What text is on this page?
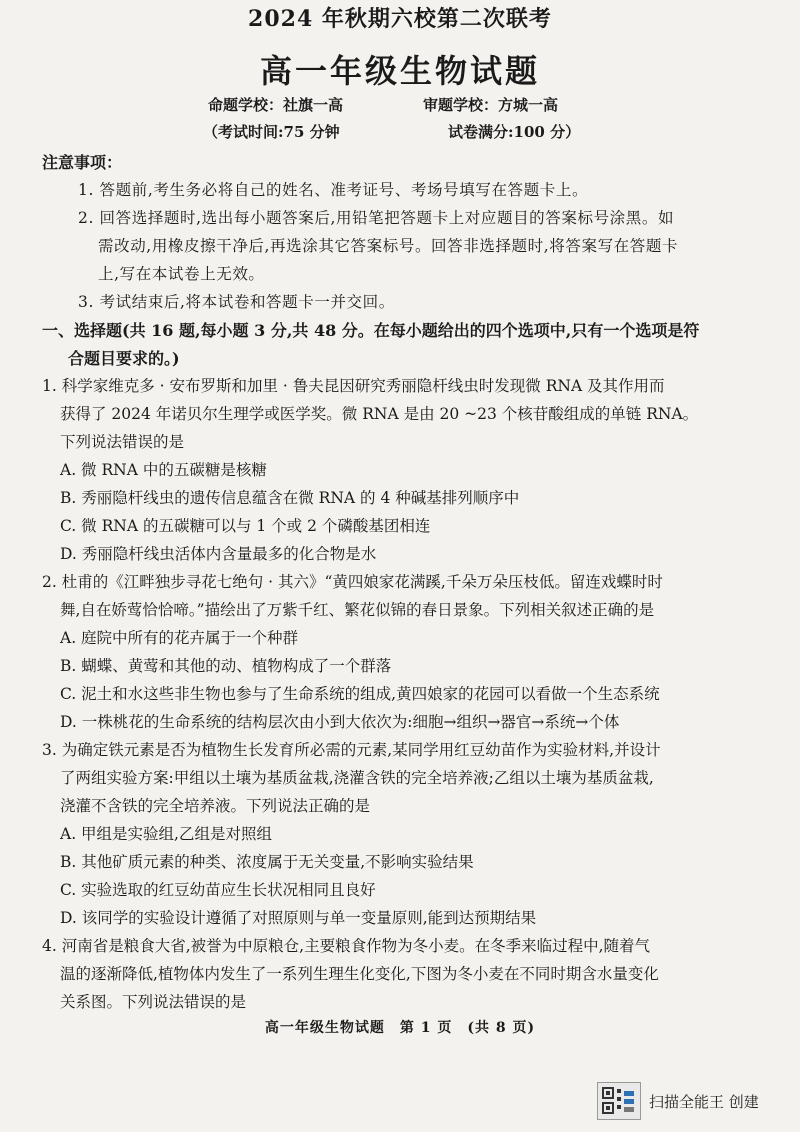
2024 年秋期六校第二次联考
高一年级生物试题
命题学校：社旗一高	审题学校：方城一高
（考试时间:75 分钟	试卷满分:100 分）
注意事项：
1. 答题前,考生务必将自己的姓名、准考证号、考场号填写在答题卡上。
2. 回答选择题时,选出每小题答案后,用铅笔把答题卡上对应题目的答案标号涂黑。如
需改动,用橡皮擦干净后,再选涂其它答案标号。回答非选择题时,将答案写在答题卡
上,写在本试卷上无效。
3. 考试结束后,将本试卷和答题卡一并交回。
一、选择题(共 16 题,每小题 3 分,共 48 分。在每小题给出的四个选项中,只有一个选项是符
合题目要求的。)
1. 科学家维克多 · 安布罗斯和加里 · 鲁夫昆因研究秀丽隐杆线虫时发现微 RNA 及其作用而
获得了 2024 年诺贝尔生理学或医学奖。微 RNA 是由 20 ~23 个核苷酸组成的单链 RNA。
下列说法错误的是
A. 微 RNA 中的五碳糖是核糖
B. 秀丽隐杆线虫的遗传信息蕴含在微 RNA 的 4 种碱基排列顺序中
C. 微 RNA 的五碳糖可以与 1 个或 2 个磷酸基团相连
D. 秀丽隐杆线虫活体内含量最多的化合物是水
2. 杜甫的《江畔独步寻花七绝句 · 其六》“黄四娘家花满蹊,千朵万朵压枝低。留连戏蝶时时
舞,自在娇莺恰恰啼。”描绘出了万紫千红、繁花似锦的春日景象。下列相关叙述正确的是
A. 庭院中所有的花卉属于一个种群
B. 蝴蝶、黄莺和其他的动、植物构成了一个群落
C. 泥土和水这些非生物也参与了生命系统的组成,黄四娘家的花园可以看做一个生态系统
D. 一株桃花的生命系统的结构层次由小到大依次为:细胞→组织→器官→系统→个体
3. 为确定铁元素是否为植物生长发育所必需的元素,某同学用红豆幼苗作为实验材料,并设计
了两组实验方案:甲组以土壤为基质盆栽,浇灌含铁的完全培养液;乙组以土壤为基质盆栽,
浇灌不含铁的完全培养液。下列说法正确的是
A. 甲组是实验组,乙组是对照组
B. 其他矿质元素的种类、浓度属于无关变量,不影响实验结果
C. 实验选取的红豆幼苗应生长状况相同且良好
D. 该同学的实验设计遵循了对照原则与单一变量原则,能到达预期结果
4. 河南省是粮食大省,被誉为中原粮仓,主要粮食作物为冬小麦。在冬季来临过程中,随着气
温的逐渐降低,植物体内发生了一系列生理生化变化,下图为冬小麦在不同时期含水量变化
关系图。下列说法错误的是
高一年级生物试题　第 1 页　(共 8 页)
扫描全能王 创建
